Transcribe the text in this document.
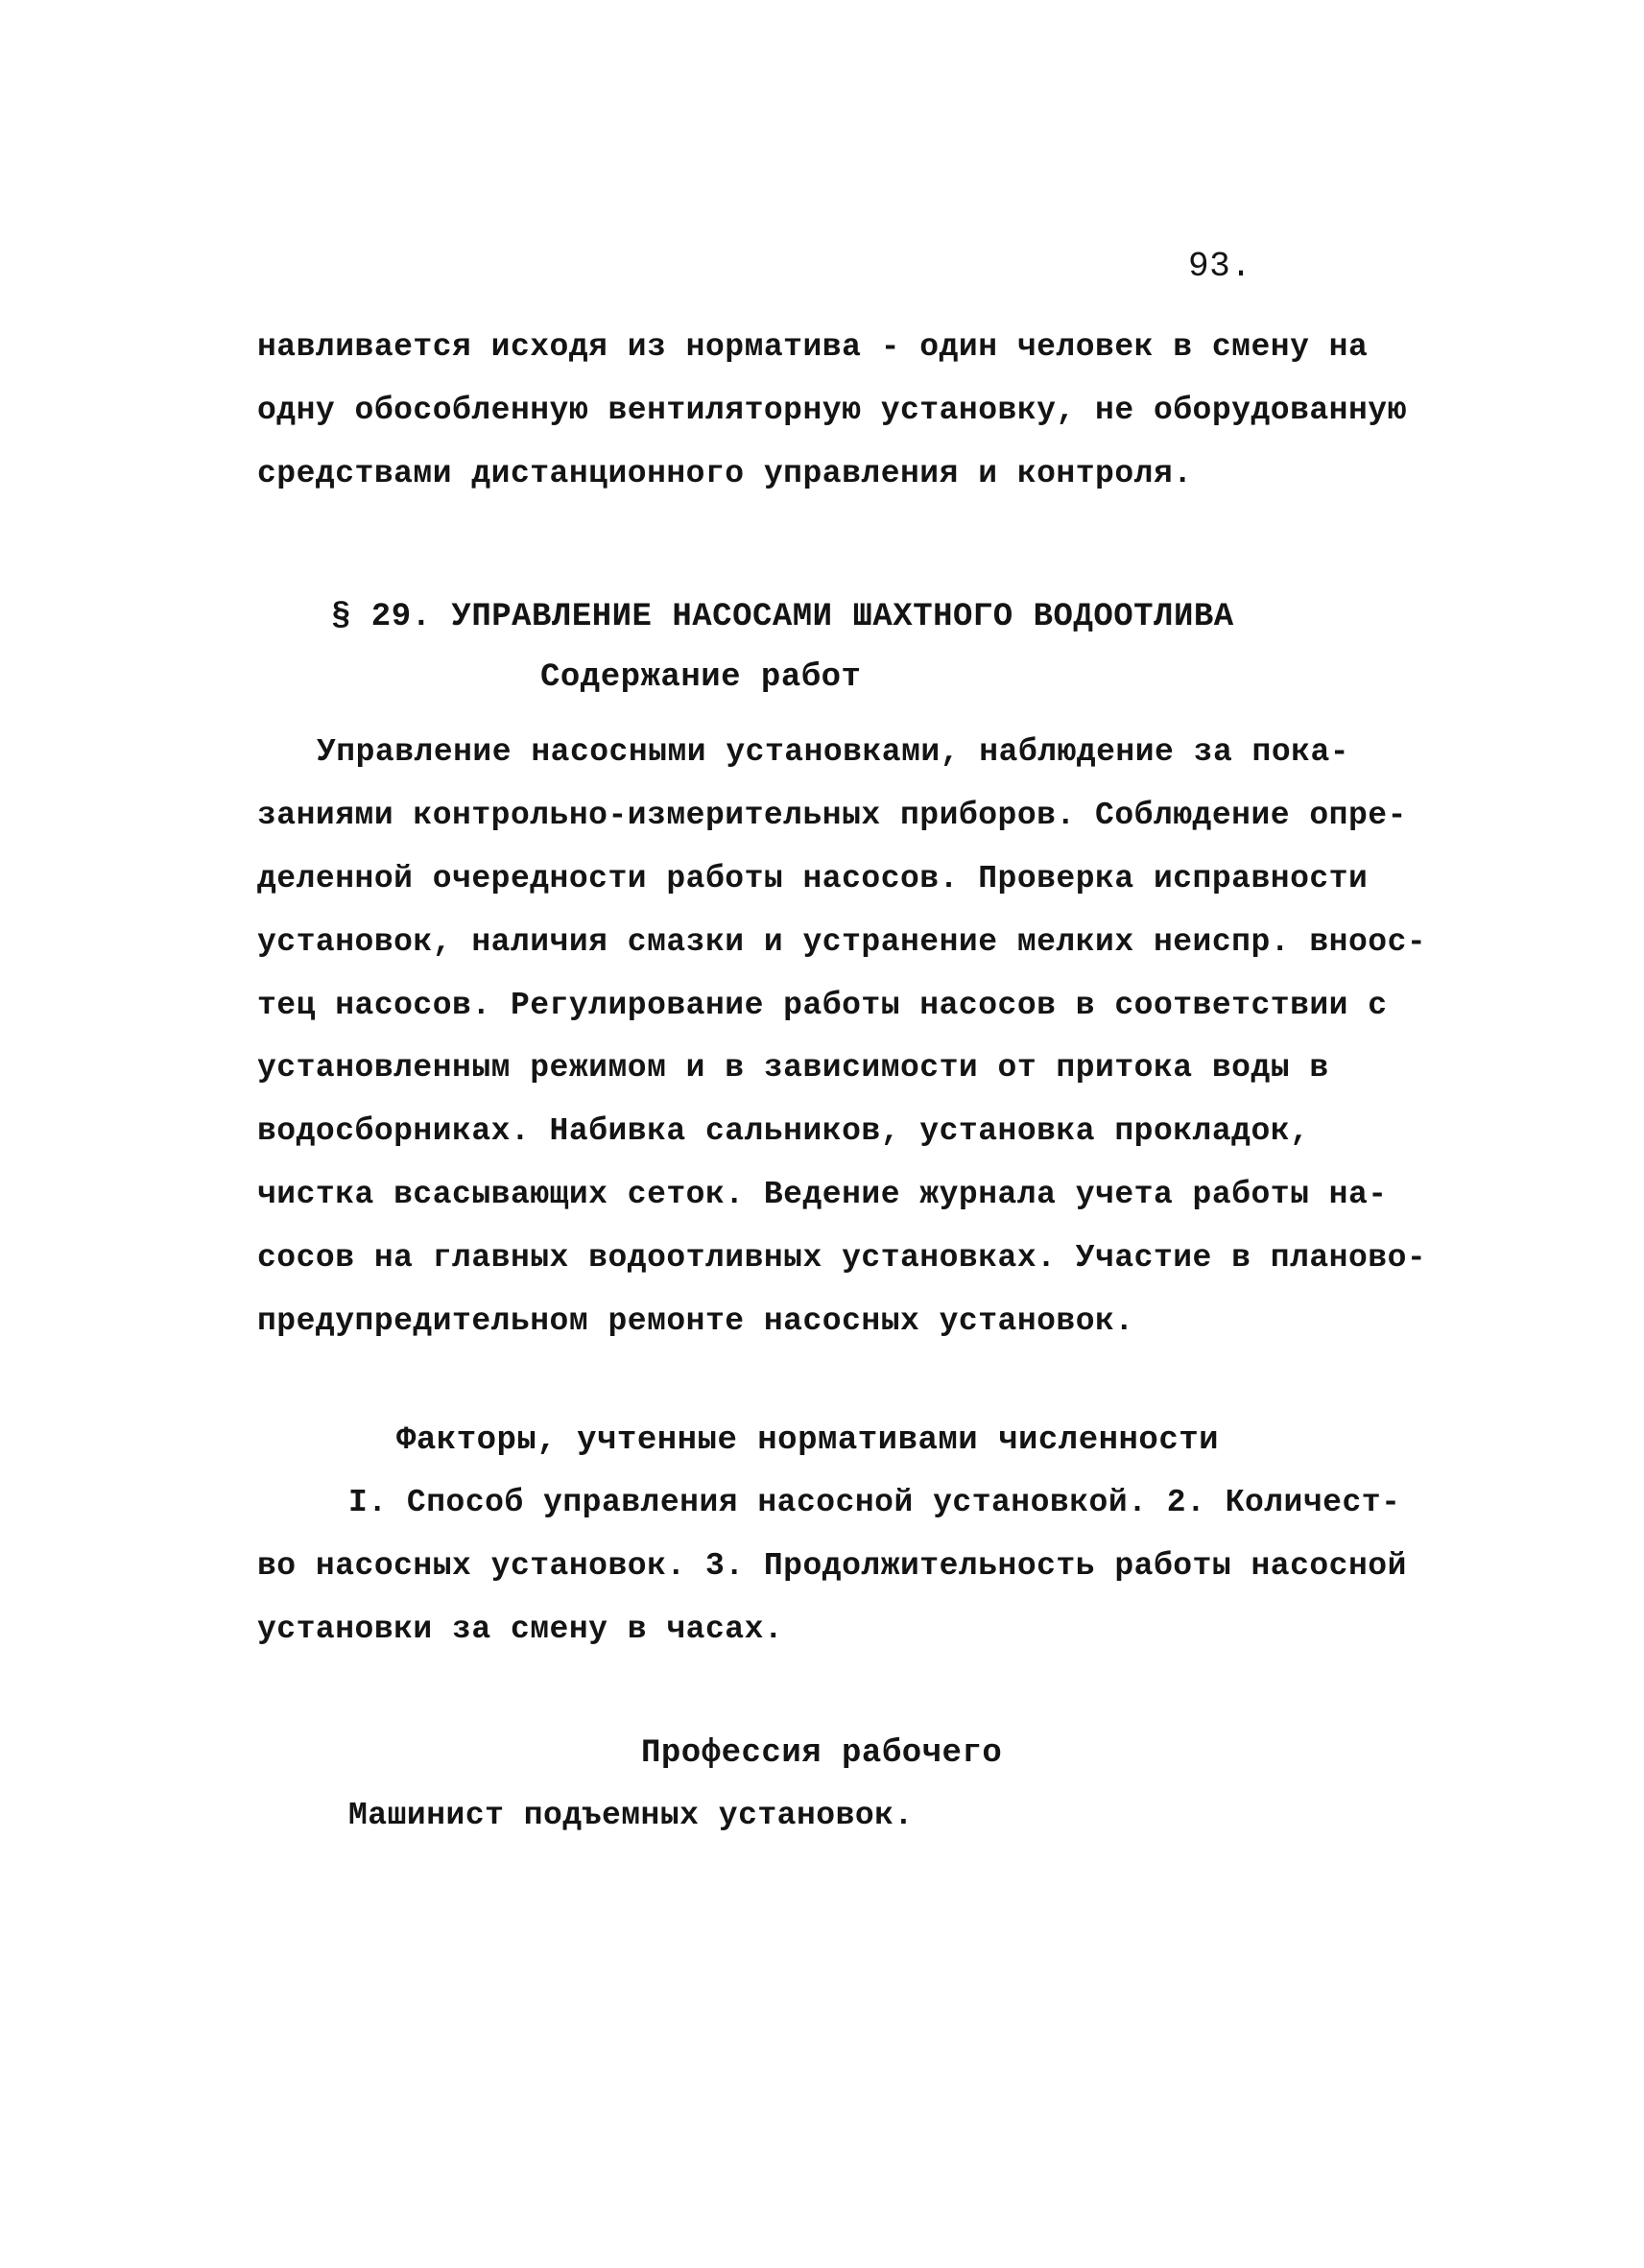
93.
навливается исходя из норматива - один человек в смену на
одну обособленную вентиляторную установку, не оборудованную
средствами дистанционного управления и контроля.
§ 29. УПРАВЛЕНИЕ НАСОСАМИ ШАХТНОГО ВОДООТЛИВА
Содержание работ
Управление насосными установками, наблюдение за пока-
заниями контрольно-измерительных приборов. Соблюдение опре-
деленной очередности работы насосов. Проверка исправности
установок, наличия смазки и устранение мелких неиспр. вноос-
тец насосов. Регулирование работы насосов в соответствии с
установленным режимом и в зависимости от притока воды в
водосборниках. Набивка сальников, установка прокладок,
чистка всасывающих сеток. Ведение журнала учета работы на-
сосов на главных водоотливных установках. Участие в планово-
предупредительном ремонте насосных установок.
Факторы, учтенные нормативами численности
I. Способ управления насосной установкой. 2. Количест-
во насосных установок. 3. Продолжительность работы насосной
установки за смену в часах.
Профессия рабочего
Машинист подъемных установок.
